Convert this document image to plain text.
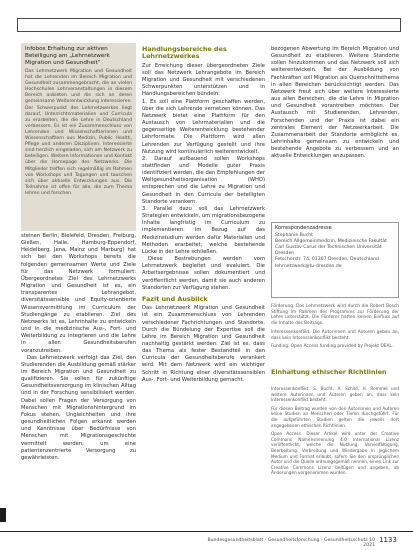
Infobox Erhaltung zur aktiven Beteiligung am „Lehrnetzwerk Migration und Gesundheit“
Das Lehrnetzwerk Migration und Gesundheit hat die Lehrenden im Bereich Migration und Gesundheit zusammengebracht, die an vielen Hochschulen Lehrveranstaltungen in diesem Bereich anbieten und die sich an deren gemeinsame Weiterentwicklung interessieren. Der Schwerpunkt des Lehrnetzwerkes liegt darauf, Unterrichtsmaterialien und Curricula zu erarbeiten, die die Lehre in Deutschland verbessern. Es ist ein Zusammenschluss von Lehrenden und Wissenschaftlerinnen und Wissenschaftlern aus Medizin, Public Health, Pflege und anderen Disziplinen. Interessierte sind herzlich eingeladen, sich am Netzwerk zu beteiligen. Weitere Informationen und Kontakt über die Homepage des Netzwerks. Die Mitglieder treffen sich regelmäßig im Rahmen von Workshops und Tagungen und tauschen sich über aktuelle Entwicklungen aus. Die Teilnahme ist offen für alle, die zum Thema lehren und forschen.

steinen Berlin, Bielefeld, Dresden, Freiburg, Gießen, Halle, Hamburg-Eppendorf, Heidelberg, Jena, Mainz und Marburg) hat sich bei den Workshops bereits die folgenden gemeinsamen Werte und Ziele für das Netzwerk formuliert: Übergeordnetes Ziel des Lehrnetzwerks Migration und Gesundheit ist es, ein transparentes Lehrangebot, diversitätssensible und Equity-orientierte Wissensvermittlung im Curriculum der Studiengänge zu etablieren. Ziel des Netzwerks ist es, Lehrinhalte zu entwickeln und in die medizinische Aus-, Fort- und Weiterbildung zu integrieren und die Lehre in allen Gesundheitsberufen voranzutreiben.

Das Lehrnetzwerk verfolgt das Ziel, den Studierenden die Ausbildung gemäß stärker im Bereich Migration und Gesundheit zu qualifizieren. Sie sollen für zukünftige Gesundheitsversorgung im klinischen Alltag und in der Forschung sensibilisiert werden. Dabei sollen Fragen der Versorgung von Menschen mit Migrationshintergrund im Fokus stehen, Ungleichheiten und ihre gesundheitlichen Folgen erkannt werden und Kenntnisse über Bedürfnisse von Menschen mit Migrationsgeschichte vermittelt werden, um eine patientenzentrierte Versorgung zu gewährleisten.

Handlungsbereiche des Lehrnetzwerkes

Zur Erreichung dieser übergeordneten Ziele soll das Netzwerk Lehrangebote im Bereich Migration und Gesundheit mit verschiedenen Schwerpunkten unterstützen und in Handlungsbereichen bündeln:

1. Es soll eine Plattform geschaffen werden, über die sich Lehrende vernetzen können. Das Netzwerk bietet eine Plattform für den Austausch von Lehrmaterialien und die gegenseitige Weiterentwicklung bestehender Lehrformate. Die Plattform wird allen Lehrenden zur Verfügung gestellt und ihre Nutzung wird kontinuierlich weiterentwickelt.

2. Darauf aufbauend sollen Workshops stattfinden und Modelle guter Praxis identifiziert werden, die den Empfehlungen der Weltgesundheitsorganisation (WHO) entsprechen und die Lehre zu Migration und Gesundheit in den Curricula der beteiligten Standorte verankern.

3. Parallel dazu soll das Lehrnetzwerk Strategien entwickeln, um migrationsbezogene Inhalte langfristig im Curriculum zu implementieren. Im Bezug auf das Medizinstudium werden dafür Materialien und Methoden erarbeitet, welche bestehende Lücke in der Lehre schließen.

Diese Bestrebungen werden vom Lehrnetzwerk begleitet und evaluiert. Die Arbeitsergebnisse sollen dokumentiert und veröffentlicht werden, damit sie auch anderen Standorten zur Verfügung stehen.

Fazit und Ausblick

Das Lehrnetzwerk Migration und Gesundheit ist ein Zusammenschluss von Lehrenden verschiedener Fachrichtungen und Standorte. Durch die Bündelung der Expertise soll die Lehre im Bereich Migration und Gesundheit nachhaltig gestärkt werden. Ziel ist es, dass das Thema als fester Bestandteil in den Curricula der Gesundheitsberufe verankert wird. Mit dem Netzwerk wird ein wichtiger Schritt in Richtung einer diversitätssensiblen Aus-, Fort- und Weiterbildung gemacht.

bezogenen Abwertung im Bereich Migration und Gesundheit zu etablieren. Weitere Standorte sollen hinzukommen und das Netzwerk soll sich weiterentwickeln. Bei der Ausbildung von Fachkräften soll Migration als Querschnittsthema in allen Bereichen berücksichtigt werden. Das Netzwerk freut sich über weitere Interessierte aus allen Bereichen, die die Lehre in Migration und Gesundheit vorantreiben möchten. Der Austausch mit Studierenden, Lehrenden, Forschenden und der Praxis ist dabei ein zentrales Element der Netzwerkarbeit. Die Zusammenarbeit der Standorte ermöglicht es, Lehrinhalte gemeinsam zu entwickeln und bestehende Angebote zu verbessern und an aktuelle Entwicklungen anzupassen.

Korrespondenzadresse
Stephanie Bucht
Bereich Allgemeinmedizin, Medizinische Fakultät Carl Gustav Carus der Technischen Universität Dresden
Fetscherstr. 74, 01307 Dresden, Deutschland
lehrnetzwerk@tu-dresden.de

Förderung. Das Lehrnetzwerk wird durch die Robert Bosch Stiftung im Rahmen des Programms zur Förderung der Lehre unterstützt. Die Förderer hatten keinen Einfluss auf die Inhalte des Beitrags.

Interessenkonflikt. Die Autorinnen und Autoren geben an, dass kein Interessenkonflikt besteht.

Funding. Open Access funding provided by Projekt DEAL.

Einhaltung ethischer Richtlinien

Interessenkonflikt. S. Bucht, A. Schild, H. Rommel und weitere Autorinnen und Autoren geben an, dass kein Interessenkonflikt besteht.

Für diesen Beitrag wurden von den Autorinnen und Autoren keine Studien an Menschen oder Tieren durchgeführt. Für die aufgeführten Studien gelten die jeweils dort angegebenen ethischen Richtlinien.

Open Access. Dieser Artikel wird unter der Creative Commons Namensnennung 4.0 International Lizenz veröffentlicht, welche die Nutzung, Vervielfältigung, Bearbeitung, Verbreitung und Wiedergabe in jeglichem Medium und Format erlaubt, sofern Sie den ursprünglichen Autor und die Quelle ordnungsgemäß nennen, einen Link zur Creative Commons Lizenz beifügen und angeben, ob Änderungen vorgenommen wurden.

Bundesgesundheitsblatt - Gesundheitsforschung - Gesundheitsschutz 10 · 2021
1133
